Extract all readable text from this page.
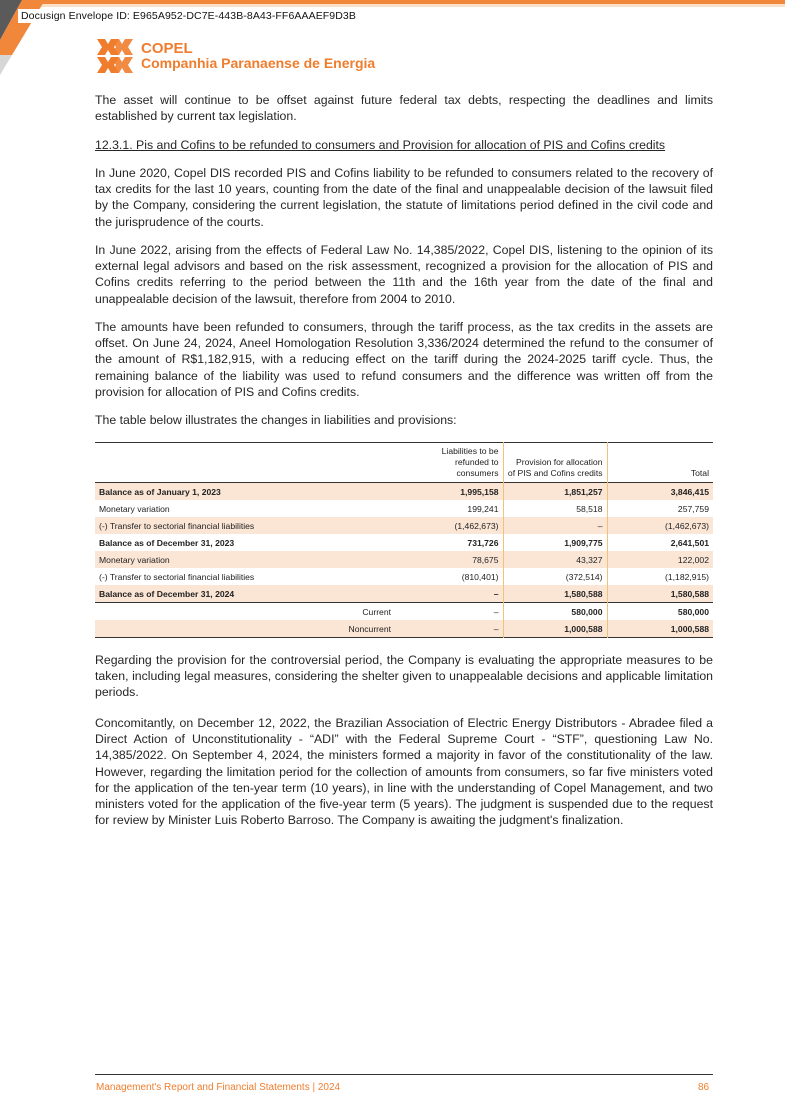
Docusign Envelope ID: E965A952-DC7E-443B-8A43-FF6AAAEF9D3B
COPEL
Companhia Paranaense de Energia

The asset will continue to be offset against future federal tax debts, respecting the deadlines and limits established by current tax legislation.

12.3.1. Pis and Cofins to be refunded to consumers and Provision for allocation of PIS and Cofins credits

In June 2020, Copel DIS recorded PIS and Cofins liability to be refunded to consumers related to the recovery of tax credits for the last 10 years, counting from the date of the final and unappealable decision of the lawsuit filed by the Company, considering the current legislation, the statute of limitations period defined in the civil code and the jurisprudence of the courts.

In June 2022, arising from the effects of Federal Law No. 14,385/2022, Copel DIS, listening to the opinion of its external legal advisors and based on the risk assessment, recognized a provision for the allocation of PIS and Cofins credits referring to the period between the 11th and the 16th year from the date of the final and unappealable decision of the lawsuit, therefore from 2004 to 2010.

The amounts have been refunded to consumers, through the tariff process, as the tax credits in the assets are offset. On June 24, 2024, Aneel Homologation Resolution 3,336/2024 determined the refund to the consumer of the amount of R$1,182,915, with a reducing effect on the tariff during the 2024-2025 tariff cycle. Thus, the remaining balance of the liability was used to refund consumers and the difference was written off from the provision for allocation of PIS and Cofins credits.

The table below illustrates the changes in liabilities and provisions:

	Liabilities to be refunded to consumers	Provision for allocation of PIS and Cofins credits	Total
Balance as of January 1, 2023	1,995,158	1,851,257	3,846,415
Monetary variation	199,241	58,518	257,759
(-) Transfer to sectorial financial liabilities	(1,462,673)	–	(1,462,673)
Balance as of December 31, 2023	731,726	1,909,775	2,641,501
Monetary variation	78,675	43,327	122,002
(-) Transfer to sectorial financial liabilities	(810,401)	(372,514)	(1,182,915)
Balance as of December 31, 2024	–	1,580,588	1,580,588
Current	–	580,000	580,000
Noncurrent	–	1,000,588	1,000,588

Regarding the provision for the controversial period, the Company is evaluating the appropriate measures to be taken, including legal measures, considering the shelter given to unappealable decisions and applicable limitation periods.

Concomitantly, on December 12, 2022, the Brazilian Association of Electric Energy Distributors - Abradee filed a Direct Action of Unconstitutionality - “ADI” with the Federal Supreme Court - “STF”, questioning Law No. 14,385/2022. On September 4, 2024, the ministers formed a majority in favor of the constitutionality of the law. However, regarding the limitation period for the collection of amounts from consumers, so far five ministers voted for the application of the ten-year term (10 years), in line with the understanding of Copel Management, and two ministers voted for the application of the five-year term (5 years). The judgment is suspended due to the request for review by Minister Luis Roberto Barroso. The Company is awaiting the judgment's finalization.

Management's Report and Financial Statements | 2024	86
